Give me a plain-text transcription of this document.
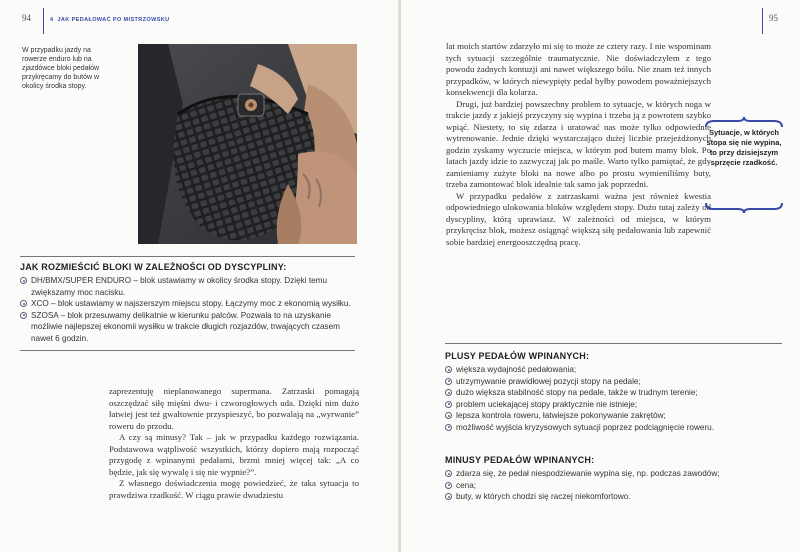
94	4 JAK PEDAŁOWAĆ PO MISTRZOWSKU
W przypadku jazdy na rowerze enduro lub na zjazdówce bloki pedałów przykręcamy do butów w okolicy środka stopy.
JAK ROZMIEŚCIĆ BLOKI W ZALEŻNOŚCI OD DYSCYPLINY:
DH/BMX/SUPER ENDURO – blok ustawiamy w okolicy środka stopy. Dzięki temu zwiększamy moc nacisku.
XCO – blok ustawiamy w najszerszym miejscu stopy. Łączymy moc z ekonomią wysiłku.
SZOSA – blok przesuwamy delikatnie w kierunku palców. Pozwala to na uzyskanie możliwie najlepszej ekonomii wysiłku w trakcie długich rozjazdów, trwających czasem nawet 6 godzin.

zaprezentuję nieplanowanego supermana. Zatrzaski pomagają oszczędzać siłę mięśni dwu- i czworogłowych uda. Dzięki nim dużo łatwiej jest też gwałtownie przyspieszyć, bo pozwalają na „wyrwanie” roweru do przodu.

A czy są minusy? Tak – jak w przypadku każdego rozwiązania. Podstawowa wątpliwość wszystkich, którzy dopiero mają rozpocząć przygodę z wpinanymi pedałami, brzmi mniej więcej tak: „A co będzie, jak się wywalę i się nie wypnie?”.

Z własnego doświadczenia mogę powiedzieć, że taka sytuacja to prawdziwa rzadkość. W ciągu prawie dwudziestu

95

lat moich startów zdarzyło mi się to może ze cztery razy. I nie wspominam tych sytuacji szczególnie traumatycznie. Nie doświadczyłem z tego powodu żadnych kontuzji ani nawet większego bólu. Nie znam też innych przypadków, w których niewypięty pedał byłby powodem poważniejszych konsekwencji dla kolarza.

Drugi, już bardziej powszechny problem to sytuacje, w których noga w trakcie jazdy z jakiejś przyczyny się wypina i trzeba ją z powrotem szybko wpiąć. Niestety, to się zdarza i uratować nas może tylko odpowiednie wytrenowanie. Jednie dzięki wystarczająco dużej liczbie przejeżdżonych godzin zyskamy wyczucie miejsca, w którym pod butem mamy blok. Po latach jazdy idzie to zazwyczaj jak po maśle. Warto tylko pamiętać, że gdy zamieniamy zużyte bloki na nowe albo po prostu wymieniliśmy buty, trzeba zamontować blok idealnie tak samo jak poprzedni.

W przypadku pedałów z zatrzaskami ważna jest również kwestia odpowiedniego ulokowania bloków względem stopy. Dużo tutaj zależy od dyscypliny, którą uprawiasz. W zależności od miejsca, w którym przykręcisz blok, możesz osiągnąć większą siłę pedałowania lub zapewnić sobie bardziej energooszczędną pracę.

Sytuacje, w których stopa się nie wypina, to przy dzisiejszym sprzęcie rzadkość.
PLUSY PEDAŁÓW WPINANYCH:
większa wydajność pedałowania;
utrzymywanie prawidłowej pozycji stopy na pedale;
dużo większa stabilność stopy na pedale, także w trudnym terenie;
problem uciekającej stopy praktycznie nie istnieje;
lepsza kontrola roweru, łatwiejsze pokonywanie zakrętów;
możliwość wyjścia kryzysowych sytuacji poprzez podciągnięcie roweru.
MINUSY PEDAŁÓW WPINANYCH:
zdarza się, że pedał niespodziewanie wypina się, np. podczas zawodów;
cena;
buty, w których chodzi się raczej niekomfortowo.
